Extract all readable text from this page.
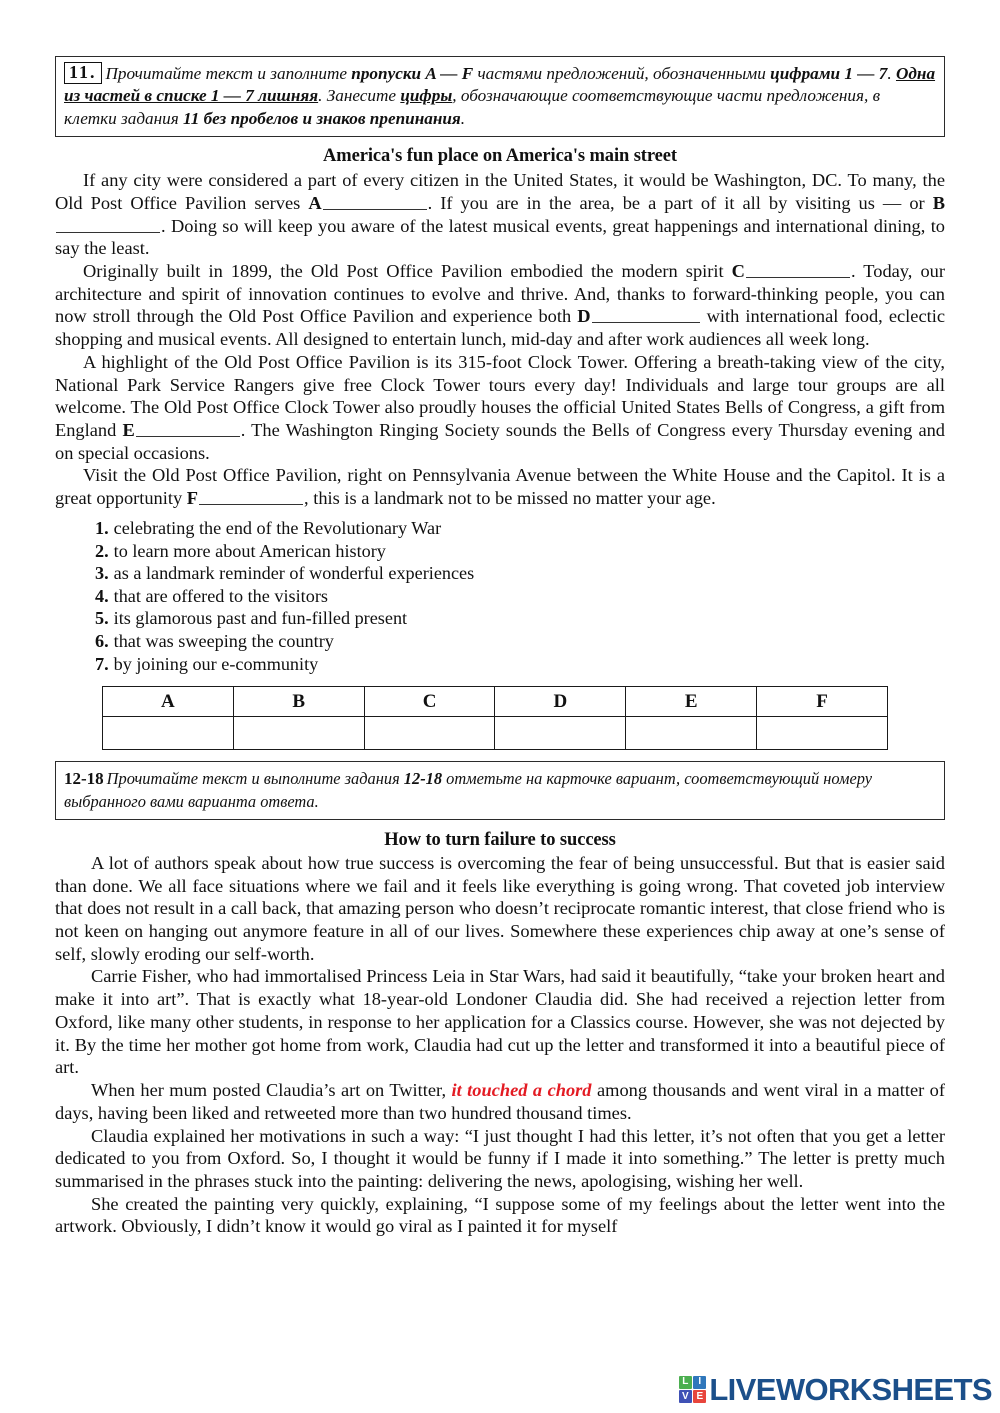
11. Прочитайте текст и заполните пропуски A — F частями предложений, обозначенными цифрами 1 — 7. Одна из частей в списке 1 — 7 лишняя. Занесите цифры, обозначающие соответствующие части предложения, в клетки задания 11 без пробелов и знаков препинания.
America's fun place on America's main street

If any city were considered a part of every citizen in the United States, it would be Washington, DC. To many, the Old Post Office Pavilion serves A	. If you are in the area, be a part of it all by visiting us — or B. Doing so will keep you aware of the latest musical events, great happenings and international dining, to say the least.

Originally built in 1899, the Old Post Office Pavilion embodied the modern spirit C	. Today, our architecture and spirit of innovation continues to evolve and thrive. And, thanks to forward-thinking people, you can now stroll through the Old Post Office Pavilion and experience both D	with international food, eclectic shopping and musical events. All designed to entertain lunch, mid-day and after work audiences all week long.

A highlight of the Old Post Office Pavilion is its 315-foot Clock Tower. Offering a breath-taking view of the city, National Park Service Rangers give free Clock Tower tours every day! Individuals and large tour groups are all welcome. The Old Post Office Clock Tower also proudly houses the official United States Bells of Congress, a gift from England E	. The Washington Ringing Society sounds the Bells of Congress every Thursday evening and on special occasions.

Visit the Old Post Office Pavilion, right on Pennsylvania Avenue between the White House and the Capitol. It is a great opportunity F	, this is a landmark not to be missed no matter your age.

1. celebrating the end of the Revolutionary War
2. to learn more about American history
3. as a landmark reminder of wonderful experiences
4. that are offered to the visitors
5. its glamorous past and fun-filled present
6. that was sweeping the country
7. by joining our e-community
A	B	C	D	E	F

12-18 Прочитайте текст и выполните задания 12-18 отметьте на карточке вариант, соответствующий номеру выбранного вами варианта ответа.
How to turn failure to success

A lot of authors speak about how true success is overcoming the fear of being unsuccessful. But that is easier said than done. We all face situations where we fail and it feels like everything is going wrong. That coveted job interview that does not result in a call back, that amazing person who doesn’t reciprocate romantic interest, that close friend who is not keen on hanging out anymore feature in all of our lives. Somewhere these experiences chip away at one’s sense of self, slowly eroding our self-worth.

Carrie Fisher, who had immortalised Princess Leia in Star Wars, had said it beautifully, “take your broken heart and make it into art”. That is exactly what 18-year-old Londoner Claudia did. She had received a rejection letter from Oxford, like many other students, in response to her application for a Classics course. However, she was not dejected by it. By the time her mother got home from work, Claudia had cut up the letter and transformed it into a beautiful piece of art.

When her mum posted Claudia’s art on Twitter, it touched a chord among thousands and went viral in a matter of days, having been liked and retweeted more than two hundred thousand times.

Claudia explained her motivations in such a way: “I just thought I had this letter, it’s not often that you get a letter dedicated to you from Oxford. So, I thought it would be funny if I made it into something.” The letter is pretty much summarised in the phrases stuck into the painting: delivering the news, apologising, wishing her well.

She created the painting very quickly, explaining, “I suppose some of my feelings about the letter went into the artwork. Obviously, I didn’t know it would go viral as I painted it for myself

L	I
V E LIVEWORKSHEETS
